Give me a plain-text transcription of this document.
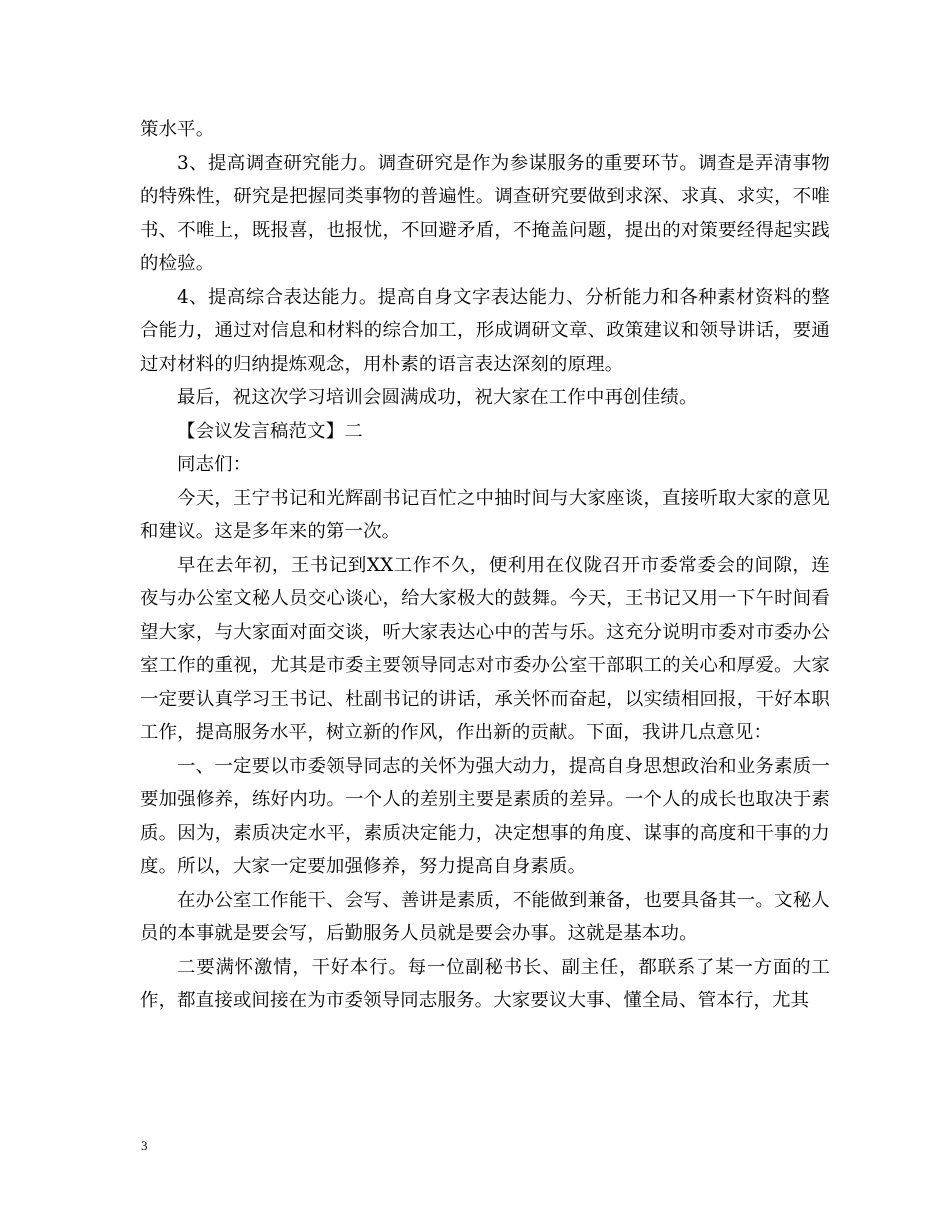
策水平。

3、提高调查研究能力。调查研究是作为参谋服务的重要环节。调查是弄清事物的特殊性，研究是把握同类事物的普遍性。调查研究要做到求深、求真、求实，不唯书、不唯上，既报喜，也报忧，不回避矛盾，不掩盖问题，提出的对策要经得起实践的检验。

4、提高综合表达能力。提高自身文字表达能力、分析能力和各种素材资料的整合能力，通过对信息和材料的综合加工，形成调研文章、政策建议和领导讲话，要通过对材料的归纳提炼观念，用朴素的语言表达深刻的原理。

最后，祝这次学习培训会圆满成功，祝大家在工作中再创佳绩。

【会议发言稿范文】二

同志们：

今天，王宁书记和光辉副书记百忙之中抽时间与大家座谈，直接听取大家的意见和建议。这是多年来的第一次。

早在去年初，王书记到XX工作不久，便利用在仪陇召开市委常委会的间隙，连夜与办公室文秘人员交心谈心，给大家极大的鼓舞。今天，王书记又用一下午时间看望大家，与大家面对面交谈，听大家表达心中的苦与乐。这充分说明市委对市委办公室工作的重视，尤其是市委主要领导同志对市委办公室干部职工的关心和厚爱。大家一定要认真学习王书记、杜副书记的讲话，承关怀而奋起，以实绩相回报，干好本职工作，提高服务水平，树立新的作风，作出新的贡献。下面，我讲几点意见：

一、一定要以市委领导同志的关怀为强大动力，提高自身思想政治和业务素质一要加强修养，练好内功。一个人的差别主要是素质的差异。一个人的成长也取决于素质。因为，素质决定水平，素质决定能力，决定想事的角度、谋事的高度和干事的力度。所以，大家一定要加强修养，努力提高自身素质。

在办公室工作能干、会写、善讲是素质，不能做到兼备，也要具备其一。文秘人员的本事就是要会写，后勤服务人员就是要会办事。这就是基本功。

二要满怀激情，干好本行。每一位副秘书长、副主任，都联系了某一方面的工作，都直接或间接在为市委领导同志服务。大家要议大事、懂全局、管本行，尤其

3
